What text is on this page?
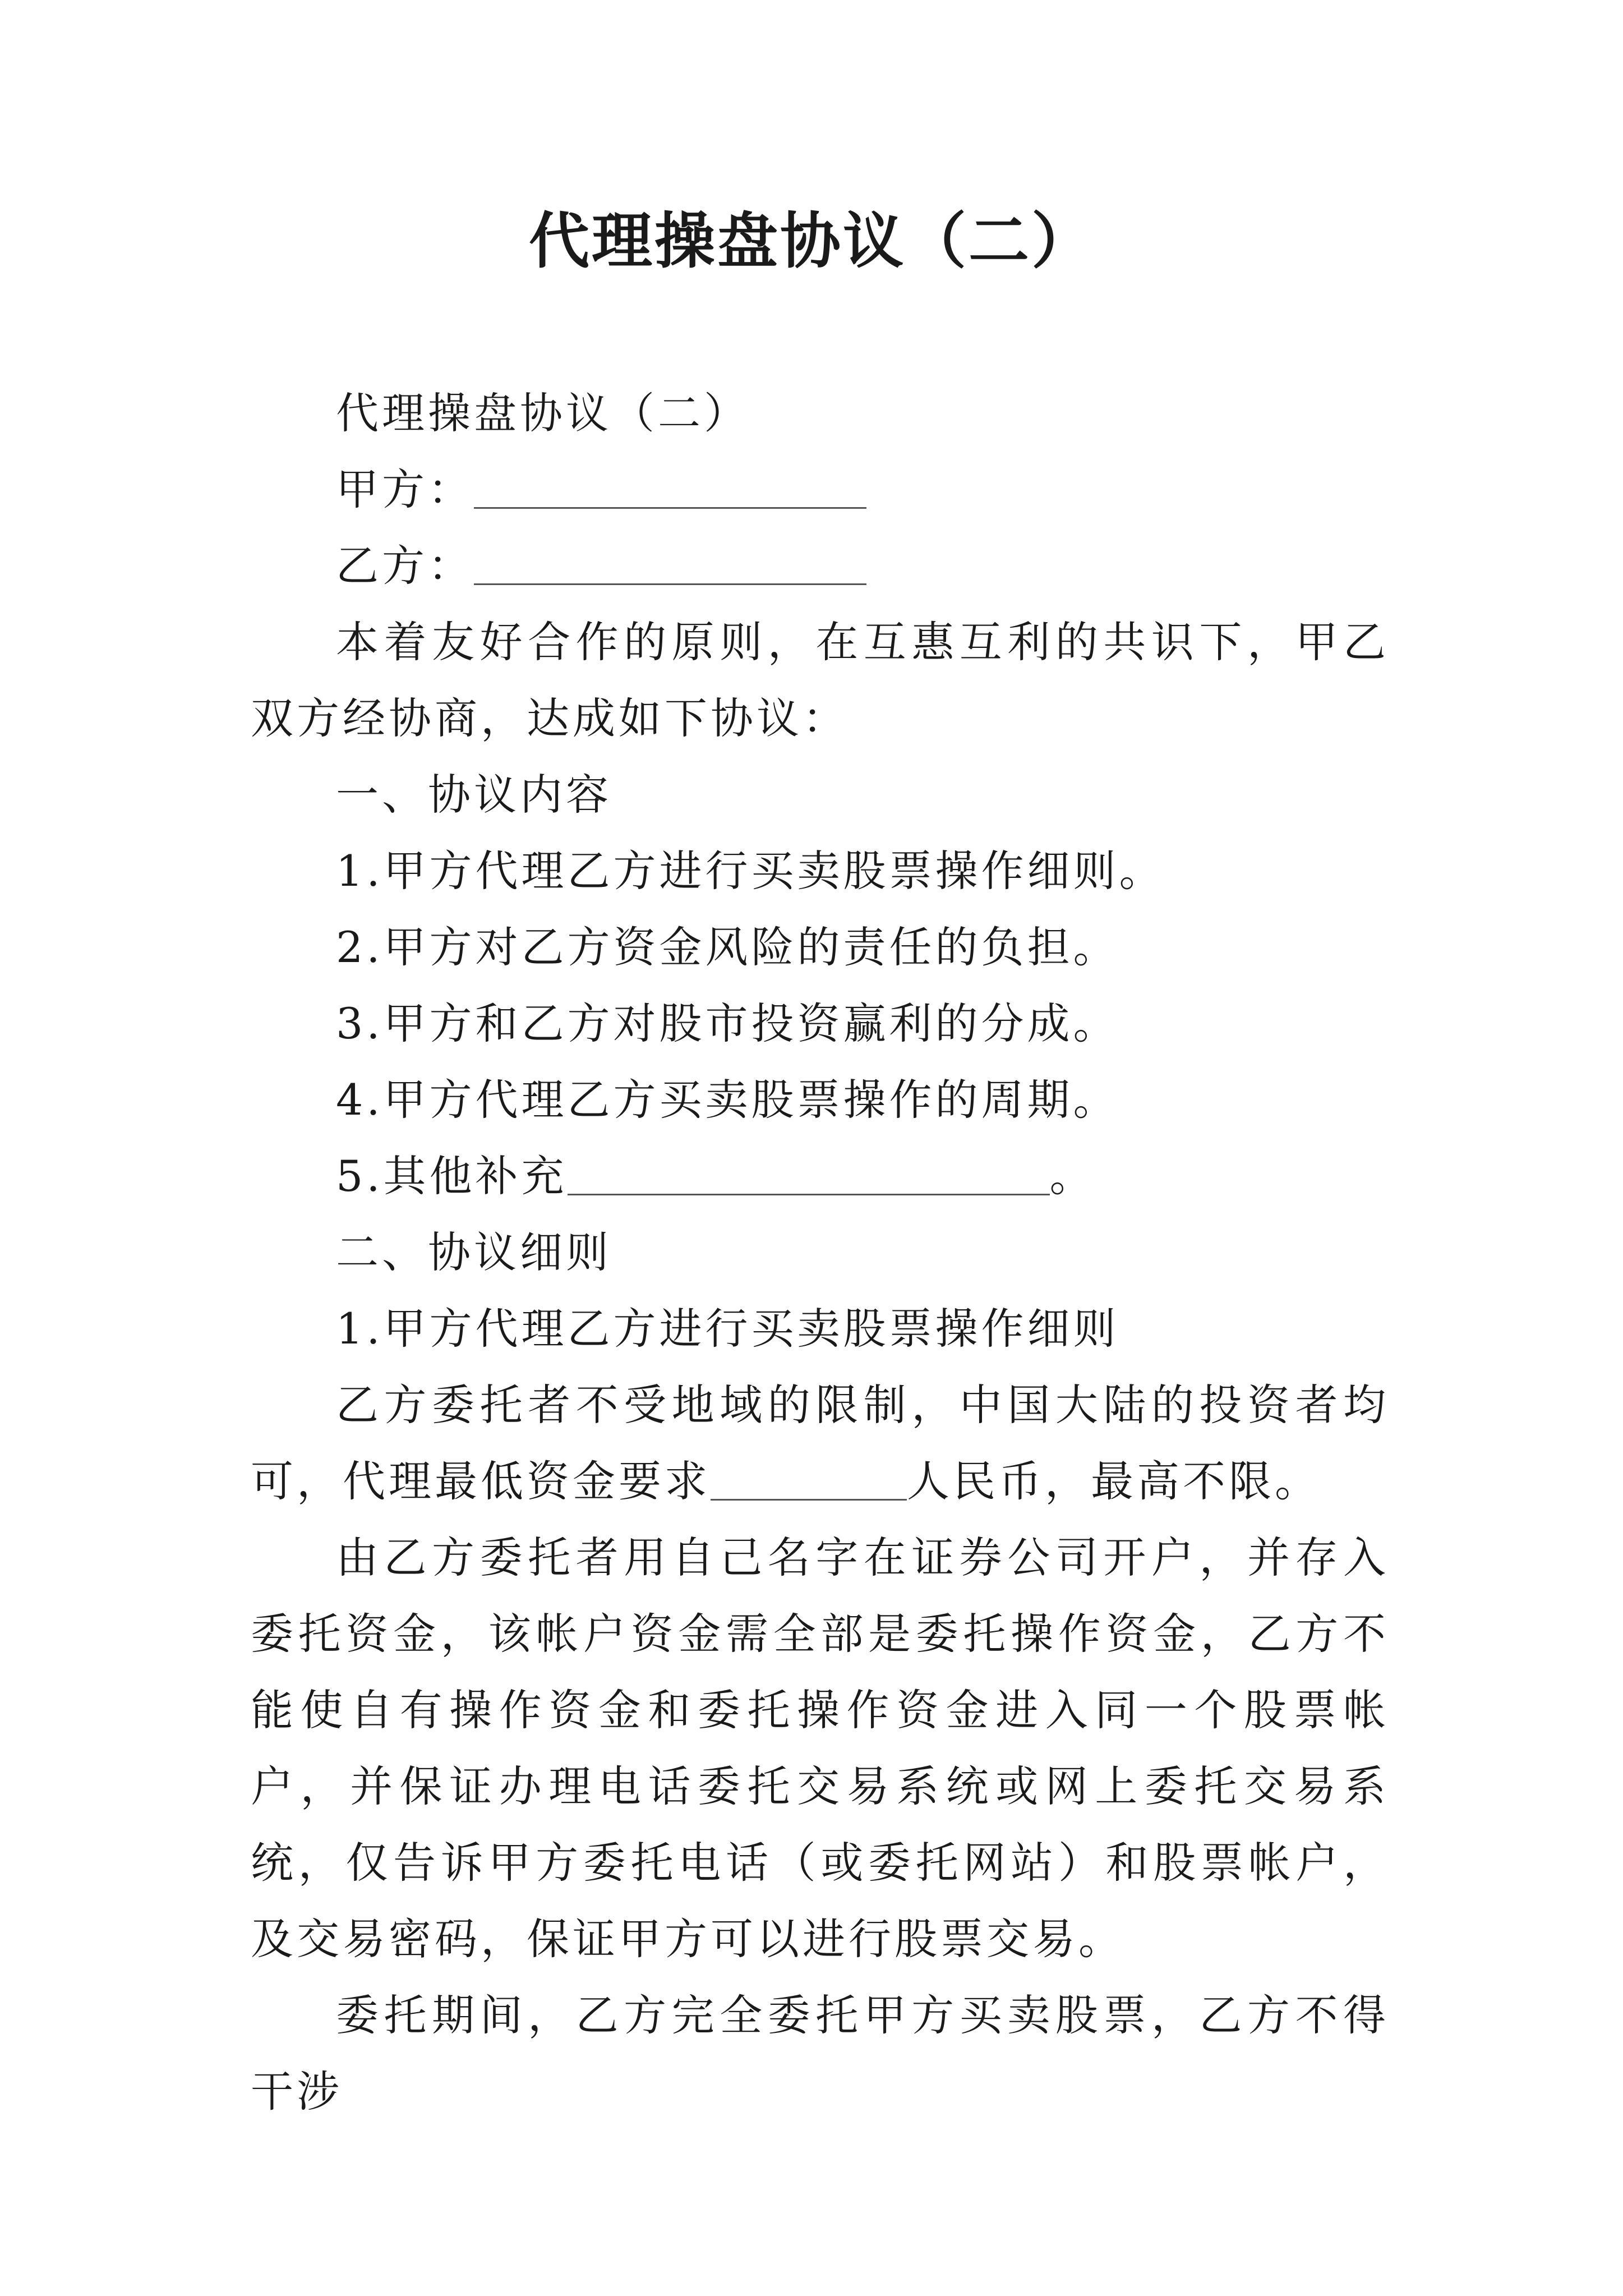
代理操盘协议（二）

代理操盘协议（二）

甲方：

乙方：

本着友好合作的原则，在互惠互利的共识下，甲乙双方经协商，达成如下协议：

一、协议内容

1.甲方代理乙方进行买卖股票操作细则。

2.甲方对乙方资金风险的责任的负担。

3.甲方和乙方对股市投资赢利的分成。

4.甲方代理乙方买卖股票操作的周期。

5.其他补充	。

二、协议细则

1.甲方代理乙方进行买卖股票操作细则

乙方委托者不受地域的限制，中国大陆的投资者均可，代理最低资金要求	人民币，最高不限。

由乙方委托者用自己名字在证券公司开户，并存入委托资金，该帐户资金需全部是委托操作资金，乙方不能使自有操作资金和委托操作资金进入同一个股票帐户，并保证办理电话委托交易系统或网上委托交易系统，仅告诉甲方委托电话（或委托网站）和股票帐户，及交易密码，保证甲方可以进行股票交易。

委托期间，乙方完全委托甲方买卖股票，乙方不得干涉
